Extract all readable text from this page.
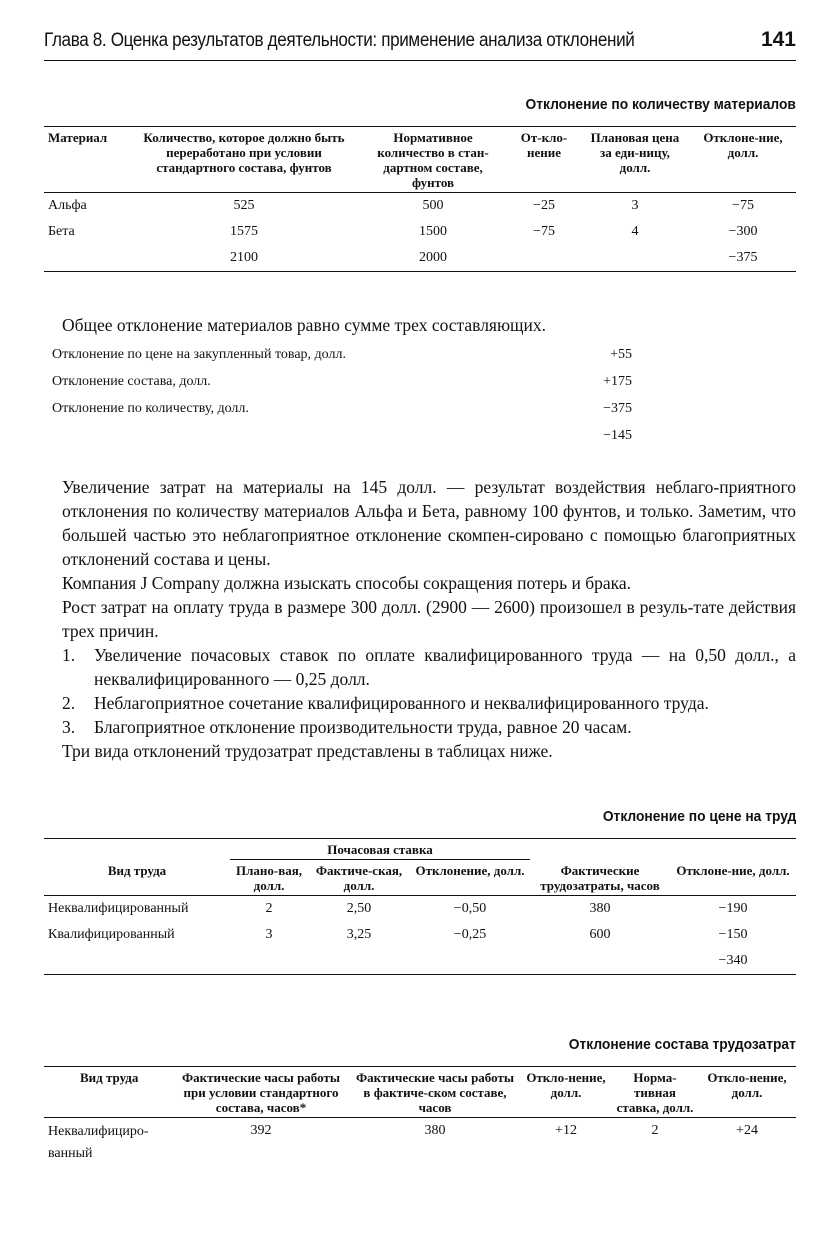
Глава 8. Оценка результатов деятельности: применение анализа отклонений	141
Отклонение по количеству материалов
Материал	Количество, которое должно быть переработано при условии стандартного состава, фунтов	Нормативное количество в стан-дартном составе, фунтов	От-кло-нение	Плановая цена за еди-ницу, долл.	Отклоне-ние, долл.
Альфа	525	500	−25	3	−75
Бета	1575	1500	−75	4	−300
	2100	2000			−375
Общее отклонение материалов равно сумме трех составляющих.
Отклонение по цене на закупленный товар, долл.	+55
Отклонение состава, долл.	+175
Отклонение по количеству, долл.	−375
−145

Увеличение затрат на материалы на 145 долл. — результат воздействия неблаго-приятного отклонения по количеству материалов Альфа и Бета, равному 100 фунтов, и только. Заметим, что большей частью это неблагоприятное отклонение скомпен-сировано с помощью благоприятных отклонений состава и цены.

Компания J Company должна изыскать способы сокращения потерь и брака.

Рост затрат на оплату труда в размере 300 долл. (2900 — 2600) произошел в резуль-тате действия трех причин.

1.	Увеличение почасовых ставок по оплате квалифицированного труда — на 0,50 долл., а неквалифицированного — 0,25 долл.
2.	Неблагоприятное сочетание квалифицированного и неквалифицированного труда.
3.	Благоприятное отклонение производительности труда, равное 20 часам.

Три вида отклонений трудозатрат представлены в таблицах ниже.

Отклонение по цене на труд
	Почасовая ставка				
Вид труда	Плано-вая, долл.	Фактиче-ская, долл.	Отклонение, долл.	Фактические трудозатраты, часов	Отклоне-ние, долл.
Неквалифицированный	2	2,50	−0,50	380	−190
Квалифицированный	3	3,25	−0,25	600	−150
					−340
Отклонение состава трудозатрат
Вид труда	Фактические часы работы при условии стандартного состава, часов*	Фактические часы работы в фактиче-ском составе, часов	Откло-нение, долл.	Норма-тивная ставка, долл.	Откло-нение, долл.
Неквалифициро-ванный	392	380	+12	2	+24
